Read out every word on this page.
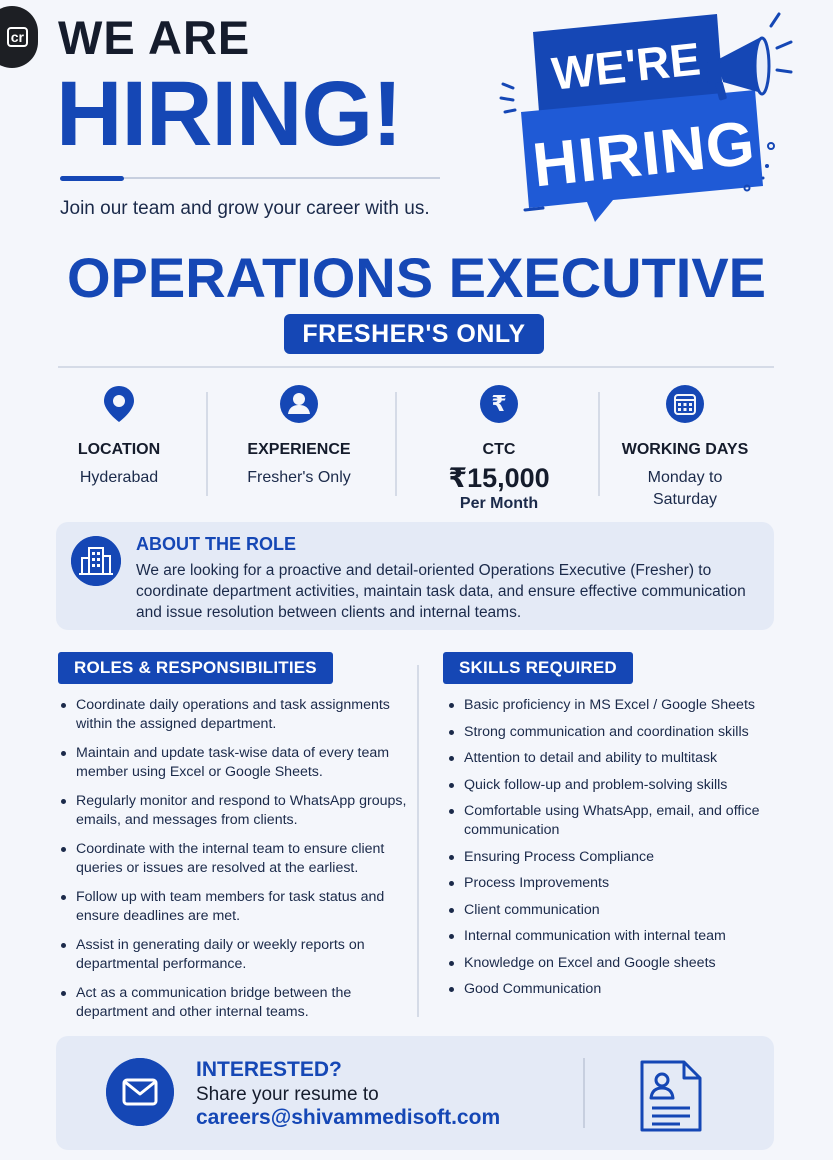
cr WE ARE
HIRING!
Join our team and grow your career with us.
WE'RE
HIRING
OPERATIONS EXECUTIVE
FRESHER'S ONLY
LOCATION
Hyderabad
EXPERIENCE
Fresher's Only
₹
CTC
₹15,000
Per Month
WORKING DAYS
Monday to
Saturday
ABOUT THE ROLE
We are looking for a proactive and detail-oriented Operations Executive (Fresher) to coordinate department activities, maintain task data, and ensure effective communication and issue resolution between clients and internal teams.
ROLES & RESPONSIBILITIES	SKILLS REQUIRED
Coordinate daily operations and task assignments within the assigned department.
Maintain and update task-wise data of every team member using Excel or Google Sheets.
Regularly monitor and respond to WhatsApp groups, emails, and messages from clients.
Coordinate with the internal team to ensure client queries or issues are resolved at the earliest.
Follow up with team members for task status and ensure deadlines are met.
Assist in generating daily or weekly reports on departmental performance.
Act as a communication bridge between the department and other internal teams.
Basic proficiency in MS Excel / Google Sheets
Strong communication and coordination skills
Attention to detail and ability to multitask
Quick follow-up and problem-solving skills
Comfortable using WhatsApp, email, and office communication
Ensuring Process Compliance
Process Improvements
Client communication
Internal communication with internal team
Knowledge on Excel and Google sheets
Good Communication
INTERESTED?
Share your resume to
careers@shivammedisoft.com
